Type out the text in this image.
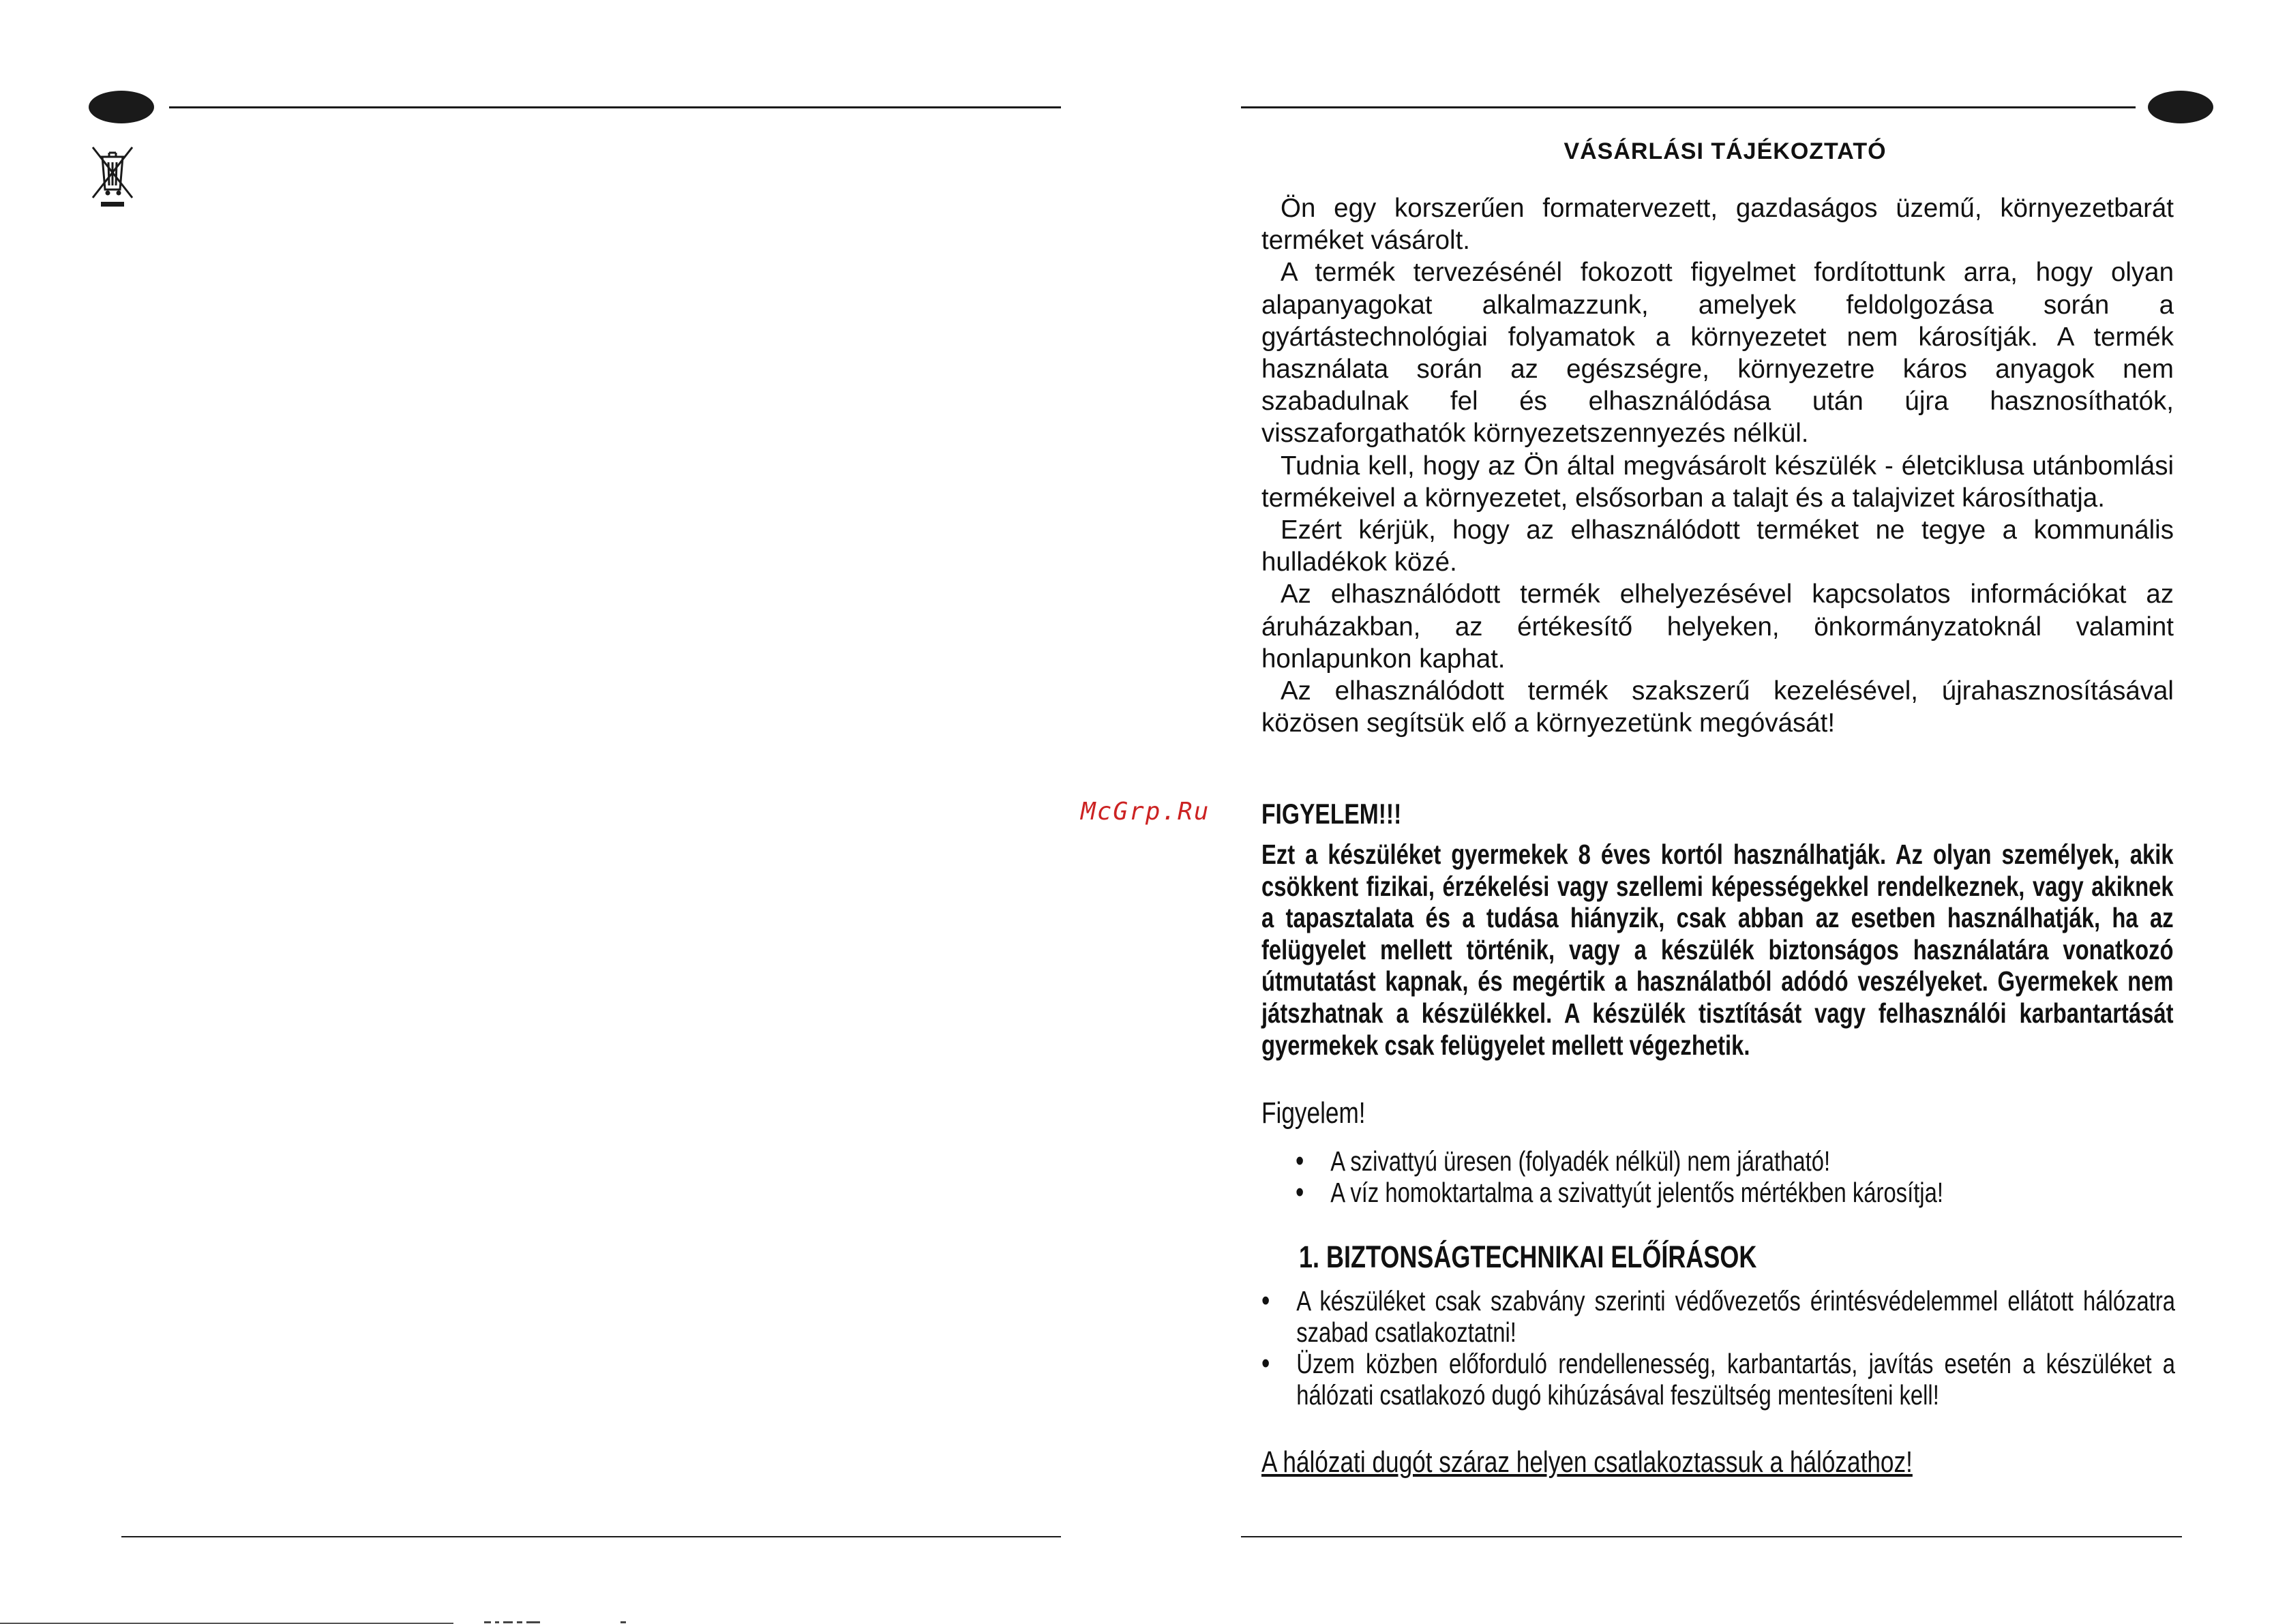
VÁSÁRLÁSI TÁJÉKOZTATÓ

Ön egy korszerűen formatervezett, gazdaságos üzemű, környezetbarát terméket vásárolt.

A termék tervezésénél fokozott figyelmet fordítottunk arra, hogy olyan alapanyagokat alkalmazzunk, amelyek feldolgozása során a gyártástechnológiai folyamatok a környezetet nem károsítják. A termék használata során az egészségre, környezetre káros anyagok nem szabadulnak fel és elhasználódása után újra hasznosíthatók, visszaforgathatók környezetszennyezés nélkül.

Tudnia kell, hogy az Ön által megvásárolt készülék - életciklusa utánbomlási termékeivel a környezetet, elsősorban a talajt és a talajvizet károsíthatja.

Ezért kérjük, hogy az elhasználódott terméket ne tegye a kommunális hulladékok közé.

Az elhasználódott termék elhelyezésével kapcsolatos információkat az áruházakban, az értékesítő helyeken, önkormányzatoknál valamint honlapunkon kaphat.

Az elhasználódott termék szakszerű kezelésével, újrahasznosításával közösen segítsük elő a környezetünk megóvását!

McGrp.Ru FIGYELEM!!!
Ezt a készüléket gyermekek 8 éves kortól használhatják. Az olyan személyek, akik csökkent fizikai, érzékelési vagy szellemi képességekkel rendelkeznek, vagy akiknek a tapasztalata és a tudása hiányzik, csak abban az esetben használhatják, ha az felügyelet mellett történik, vagy a készülék biztonságos használatára vonatkozó útmutatást kapnak, és megértik a használatból adódó veszélyeket. Gyermekek nem játszhatnak a készülékkel. A készülék tisztítását vagy felhasználói karbantartását gyermekek csak felügyelet mellett végezhetik.
Figyelem!
• A szivattyú üresen (folyadék nélkül) nem járatható!
• A víz homoktartalma a szivattyút jelentős mértékben károsítja!
1. BIZTONSÁGTECHNIKAI ELŐÍRÁSOK
• A készüléket csak szabvány szerinti védővezetős érintésvédelemmel ellátott hálózatra szabad csatlakoztatni!
• Üzem közben előforduló rendellenesség, karbantartás, javítás esetén a készüléket a hálózati csatlakozó dugó kihúzásával feszültség mentesíteni kell!
A hálózati dugót száraz helyen csatlakoztassuk a hálózathoz!
